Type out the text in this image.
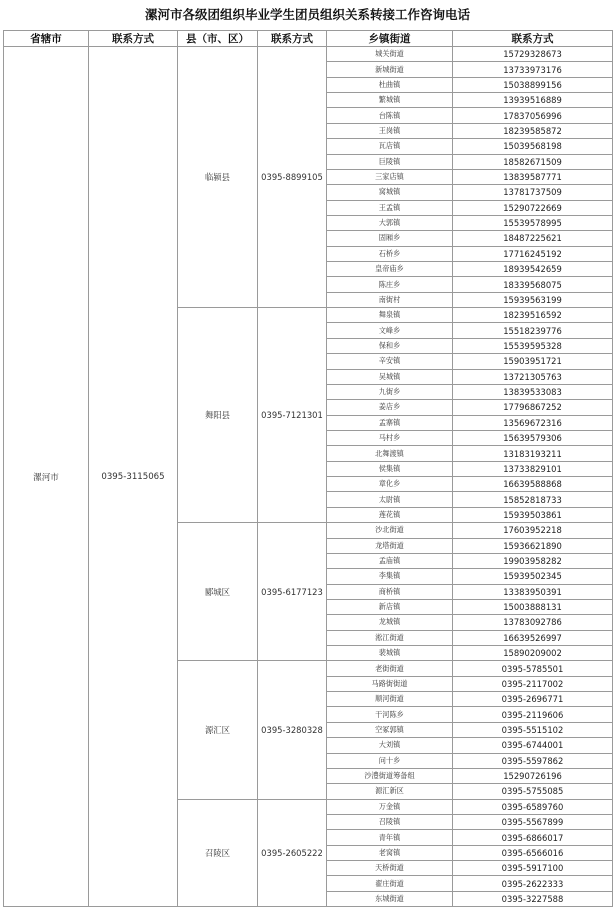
漯河市各级团组织毕业学生团员组织关系转接工作咨询电话
省辖市	联系方式	县（市、区）	联系方式	乡镇街道	联系方式
漯河市	0395-3115065	临颍县	0395-8899105	城关街道	15729328673
				新城街道	13733973176
				杜曲镇	15038899156
				繁城镇	13939516889
				台陈镇	17837056996
				王岗镇	18239585872
				瓦店镇	15039568198
				巨陵镇	18582671509
				三家店镇	13839587771
				窝城镇	13781737509
				王孟镇	15290722669
				大郭镇	15539578995
				固厢乡	18487225621
				石桥乡	17716245192
				皇帝庙乡	18939542659
				陈庄乡	18339568075
				南街村	15939563199
		舞阳县	0395-7121301	舞泉镇	18239516592
				文峰乡	15518239776
				保和乡	15539595328
				辛安镇	15903951721
				吴城镇	13721305763
				九街乡	13839533083
				姜店乡	17796867252
				孟寨镇	13569672316
				马村乡	15639579306
				北舞渡镇	13183193211
				侯集镇	13733829101
				章化乡	16639588868
				太尉镇	15852818733
				莲花镇	15939503861
		郾城区	0395-6177123	沙北街道	17603952218
				龙塔街道	15936621890
				孟庙镇	19903958282
				李集镇	15939502345
				商桥镇	13383950391
				新店镇	15003888131
				龙城镇	13783092786
				淞江街道	16639526997
				裴城镇	15890209002
		源汇区	0395-3280328	老街街道	0395-5785501
				马路街街道	0395-2117002
				顺河街道	0395-2696771
				干河陈乡	0395-2119606
				空冢郭镇	0395-5515102
				大刘镇	0395-6744001
				问十乡	0395-5597862
				沙澧街道筹备组	15290726196
				源汇新区	0395-5755085
		召陵区	0395-2605222	万金镇	0395-6589760
				召陵镇	0395-5567899
				青年镇	0395-6866017
				老窝镇	0395-6566016
				天桥街道	0395-5917100
				翟庄街道	0395-2622333
				东城街道	0395-3227588
